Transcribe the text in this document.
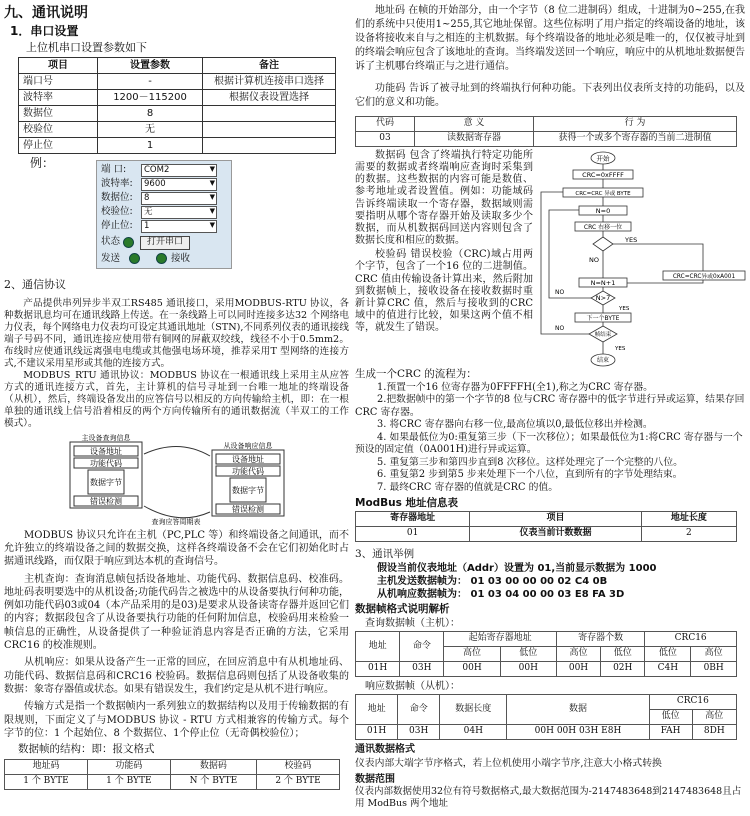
九、通讯说明
1．串口设置
上位机串口设置参数如下
项目	设置参数	备注
端口号	-	根据计算机连接串口选择
波特率	1200－115200	根据仪表设置选择
数据位	8	
校验位	无	
停止位	1	
例：	端 口:	COM2 ▼
波特率:	9600 ▼
数据位:	8 ▼
校验位:	无 ▼
停止位:	1 ▼
状态	打开串口
发送	接收
2、通信协议

产品提供串列异步半双工RS485 通讯接口，采用MODBUS-RTU 协议，各种数据讯息均可在通讯线路上传送。在一条线路上可以同时连接多达32 个网络电力仪表，每个网络电力仪表均可设定其通讯地址（STN),不同系列仪表的通讯接线端子号码不同，通讯连接应使用带有铜网的屏蔽双绞线，线径不小于0.5mm2。布线时应使通讯线远离强电电缆或其他强电场环境，推荐采用T 型网络的连接方式,不建议采用星形或其他的连接方式。

MODBUS_RTU 通讯协议：MODBUS 协议在一根通讯线上采用主从应答方式的通讯连接方式，首先，主计算机的信号寻址到一台唯一地址的终端设备（从机），然后，终端设备发出的应答信号以相反的方向传输给主机，即：在一根单独的通讯线上信号沿着相反的两个方向传输所有的通讯数据流（半双工的工作模式）。

主设备查询信息
设备地址
功能代码
数据字节
错误检测
从设备响应信息
设备地址
功能代码
数据字节
错误检测
查询应答周期表

MODBUS 协议只允许在主机（PC,PLC 等）和终端设备之间通讯，而不允许独立的终端设备之间的数据交换，这样各终端设备不会在它们初始化时占据通讯线路，而仅限于响应到达本机的查询信号。

主机查询：查询消息帧包括设备地址、功能代码、数据信息码、校准码。地址码表明要选中的从机设备;功能代码告之被选中的从设备要执行何种功能，例如功能代码03或04（本产品采用的是03)是要求从设备读寄存器并返回它们的内容；数据段包含了从设备要执行功能的任何附加信息，校验码用来检验一帧信息的正确性，从设备提供了一种验证消息内容是否正确的方法，它采用CRC16 的校准规则。

从机响应：如果从设备产生一正常的回应，在回应消息中有从机地址码、功能代码、数据信息码和CRC16 校验码。数据信息码则包括了从设备收集的数据：象寄存器值或状态。如果有错误发生，我们约定是从机不进行响应。

传输方式是指一个数据帧内一系列独立的数据结构以及用于传输数据的有限规则，下面定义了与MODBUS 协议 - RTU 方式相兼容的传输方式。每个字节的位：1 个起始位、8 个数据位、1个停止位（无奇偶校验位）；

数据帧的结构：即：报文格式
地址码	功能码	数据码	校验码
1 个 BYTE	1 个 BYTE	N 个 BYTE	2 个 BYTE

地址码 在帧的开始部分，由一个字节（8 位二进制码）组成，十进制为0~255,在我们的系统中只使用1~255,其它地址保留。这些位标明了用户指定的终端设备的地址，该设备将接收来自与之相连的主机数据。每个终端设备的地址必须是唯一的，仅仅被寻址到的终端会响应包含了该地址的查询。当终端发送回一个响应，响应中的从机地址数据便告诉了主机哪台终端正与之进行通信。

功能码 告诉了被寻址到的终端执行何种功能。下表列出仪表所支持的功能码，以及它们的意义和功能。

代码	意 义	行 为
03	读数据寄存器	获得一个或多个寄存器的当前二进制值

数据码 包含了终端执行特定功能所需要的数据或者终端响应查询时采集到的数据。这些数据的内容可能是数值、参考地址或者设置值。例如：功能域码告诉终端读取一个寄存器，数据域则需要指明从哪个寄存器开始及读取多少个数据，而从机数据码回送内容则包含了数据长度和相应的数据。

校验码 错误校验（CRC)域占用两个字节，包含了一个16 位的二进制值。CRC 值由传输设备计算出来，然后附加到数据帧上，接收设备在接收数据时重新计算CRC 值，然后与接收到的CRC 域中的值进行比较，如果这两个值不相等，就发生了错误。

开始
CRC=0xFFFF
CRC=CRC 异或 BYTE
N=0
CRC 右移一位
YES
NO
CRC=CRC异或0xA001
N=N+1
N>7
YES
NO
下一个BYTE
帧结束
NO
YES
结束
生成一个CRC 的流程为：
1.预置一个16 位寄存器为0FFFFH(全1),称之为CRC 寄存器。
2.把数据帧中的第一个字节的8 位与CRC 寄存器中的低字节进行异或运算，结果存回CRC 寄存器。
3. 将CRC 寄存器向右移一位,最高位填以0,最低位移出并检测。
4. 如果最低位为0:重复第三步（下一次移位）；如果最低位为1:将CRC 寄存器与一个预设的固定值（0A001H)进行异或运算。
5. 重复第三步和第四步直到8 次移位。这样处理完了一个完整的八位。
6. 重复第2 步到第5 步来处理下一个八位，直到所有的字节处理结束。
7. 最终CRC 寄存器的值就是CRC 的值。
ModBus 地址信息表
寄存器地址	项目	地址长度
01	仪表当前计数数据	2
3、通讯举例
假设当前仪表地址（Addr）设置为 01,当前显示数据为 1000
主机发送数据帧为： 01 03 00 00 00 02 C4 0B
从机响应数据帧为： 01 03 04 00 00 03 E8 FA 3D
数据帧格式说明解析
查询数据帧（主机）：
地址	命令	起始寄存器地址		寄存器个数		CRC16	
		高位	低位	高位	低位	低位	高位
01H	03H	00H	00H	00H	02H	C4H	0BH
响应数据帧（从机）：
地址	命令	数据长度	数据	CRC16	
				低位	高位
01H	03H	04H	00H 00H 03H E8H	FAH	8DH
通讯数据格式
仪表内部大端字节序格式，若上位机使用小端字节序,注意大小格式转换
数据范围
仪表内部数据使用32位有符号数据格式,最大数据范围为-2147483648到2147483648且占用 ModBus 两个地址
